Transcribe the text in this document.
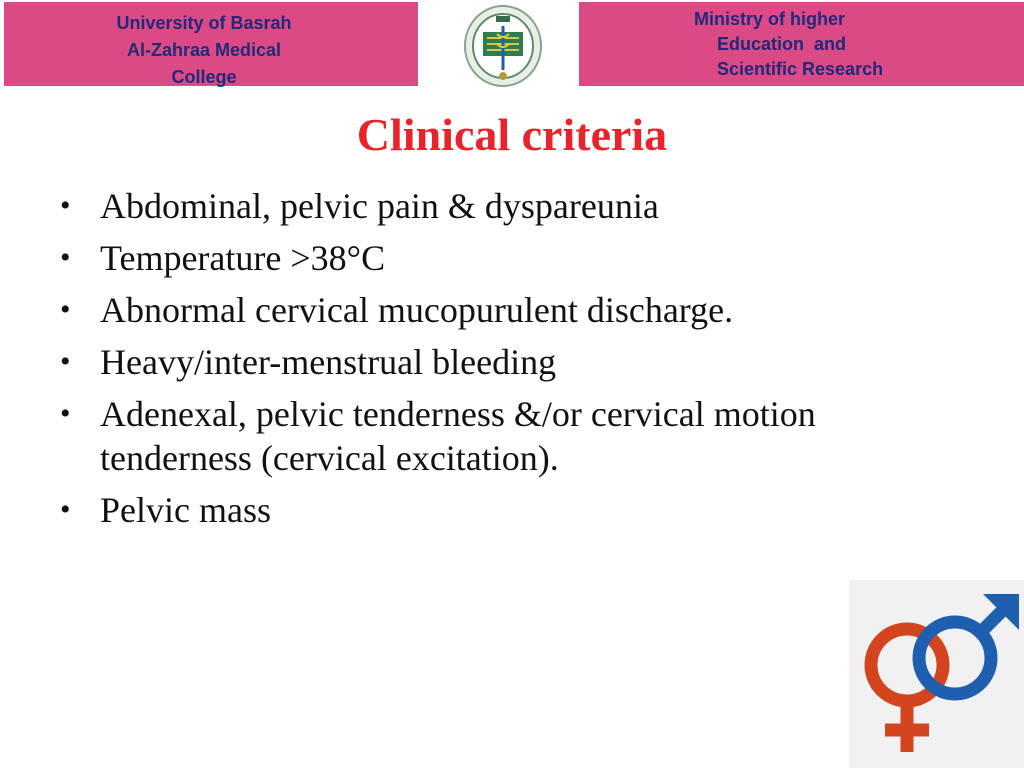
University of Basrah
Al-Zahraa Medical
College
Ministry of higher
Education  and
Scientific Research
Clinical criteria
• Abdominal, pelvic pain & dyspareunia
• Temperature >38°C
• Abnormal cervical mucopurulent discharge.
• Heavy/inter-menstrual bleeding
• Adenexal, pelvic tenderness &/or cervical motion tenderness (cervical excitation).
• Pelvic mass
